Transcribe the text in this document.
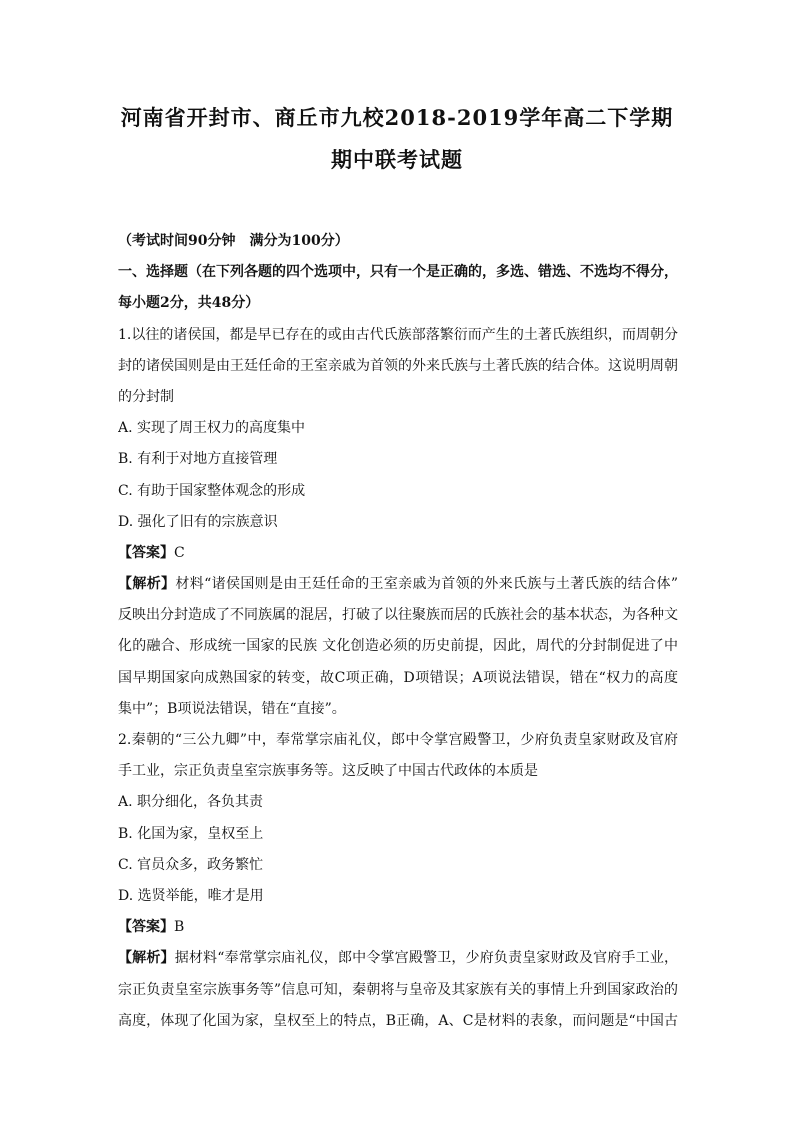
河南省开封市、商丘市九校2018-2019学年高二下学期
期中联考试题
（考试时间90分钟　满分为100分）
一、选择题（在下列各题的四个选项中，只有一个是正确的，多选、错选、不选均不得分，
每小题2分，共48分）
1.以往的诸侯国，都是早已存在的或由古代氏族部落繁衍而产生的土著氏族组织，而周朝分
封的诸侯国则是由王廷任命的王室亲戚为首领的外来氏族与土著氏族的结合体。这说明周朝
的分封制
A. 实现了周王权力的高度集中
B. 有利于对地方直接管理
C. 有助于国家整体观念的形成
D. 强化了旧有的宗族意识
【答案】C
【解析】材料“诸侯国则是由王廷任命的王室亲戚为首领的外来氏族与土著氏族的结合体”
反映出分封造成了不同族属的混居，打破了以往聚族而居的氏族社会的基本状态，为各种文
化的融合、形成统一国家的民族 文化创造必须的历史前提，因此，周代的分封制促进了中
国早期国家向成熟国家的转变，故C项正确，D项错误；A项说法错误，错在“权力的高度
集中”；B项说法错误，错在“直接”。
2.秦朝的“三公九卿”中，奉常掌宗庙礼仪，郎中令掌宫殿警卫，少府负责皇家财政及官府
手工业，宗正负责皇室宗族事务等。这反映了中国古代政体的本质是
A. 职分细化，各负其责
B. 化国为家，皇权至上
C. 官员众多，政务繁忙
D. 选贤举能，唯才是用
【答案】B
【解析】据材料“奉常掌宗庙礼仪，郎中令掌宫殿警卫，少府负责皇家财政及官府手工业，
宗正负责皇室宗族事务等”信息可知，秦朝将与皇帝及其家族有关的事情上升到国家政治的
高度，体现了化国为家，皇权至上的特点，B正确，A、C是材料的表象，而问题是“中国古
